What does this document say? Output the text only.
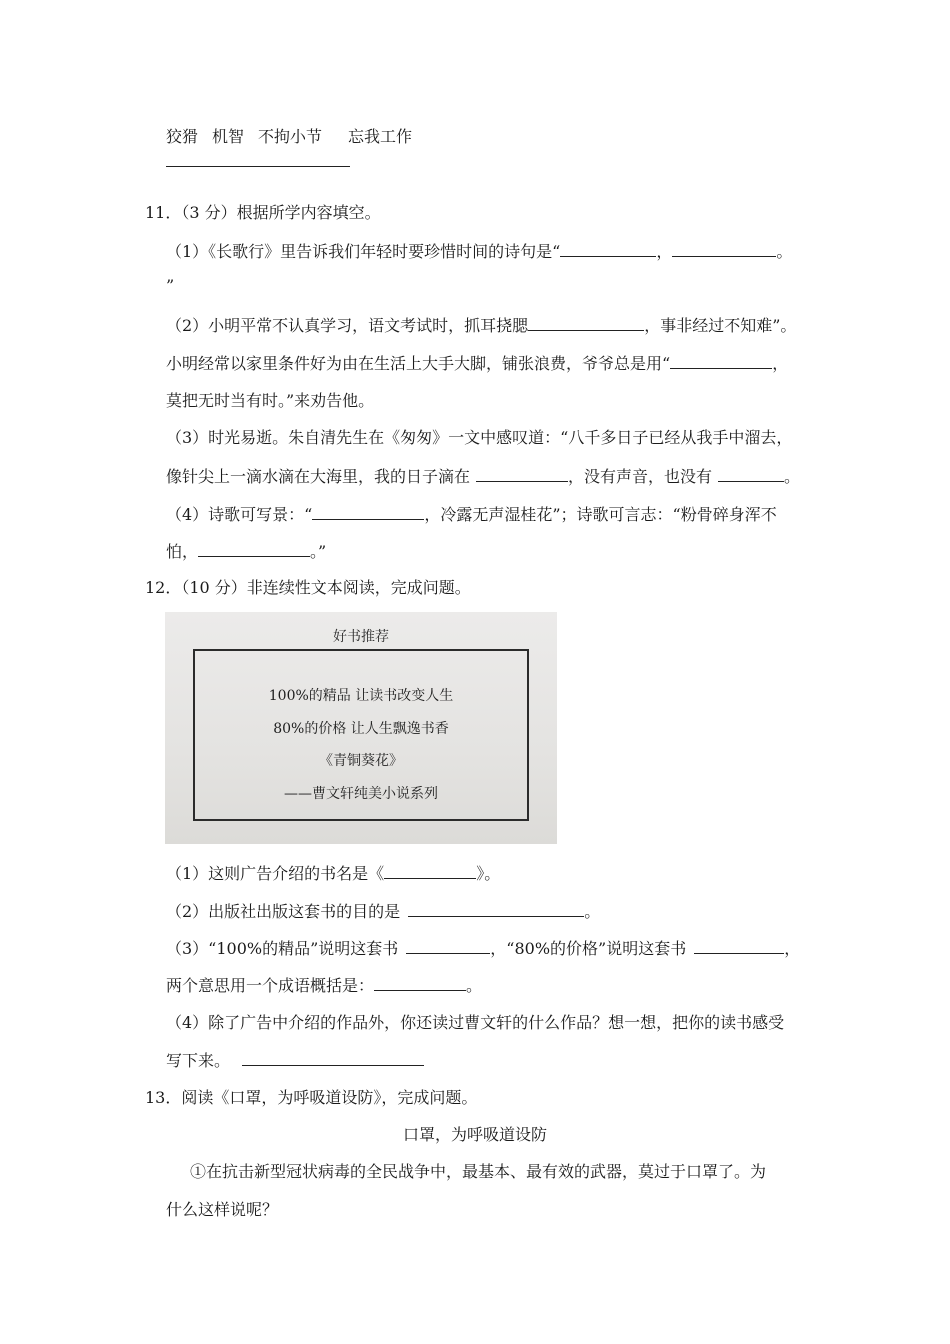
狡猾 机智 不拘小节 忘我工作
11．（3 分）根据所学内容填空。
（1）《长歌行》里告诉我们年轻时要珍惜时间的诗句是“	，	。
”
（2）小明平常不认真学习，语文考试时，抓耳挠腮	，事非经过不知难”。
小明经常以家里条件好为由在生活上大手大脚，铺张浪费，爷爷总是用“	，
莫把无时当有时。”来劝告他。
（3）时光易逝。朱自清先生在《匆匆》一文中感叹道：“八千多日子已经从我手中溜去，
像针尖上一滴水滴在大海里，我的日子滴在	，没有声音，也没有	。
（4）诗歌可写景：“	，冷露无声湿桂花”；诗歌可言志：“粉骨碎身浑不
怕，	。”
12．（10 分）非连续性文本阅读，完成问题。
好书推荐
100%的精品 让读书改变人生
80%的价格 让人生飘逸书香
《青铜葵花》
——曹文轩纯美小说系列
（1）这则广告介绍的书名是《	》。
（2）出版社出版这套书的目的是	。
（3）“100%的精品”说明这套书	，“80%的价格”说明这套书	，
两个意思用一个成语概括是：	。
（4）除了广告中介绍的作品外，你还读过曹文轩的什么作品？想一想，把你的读书感受
写下来。
13．阅读《口罩，为呼吸道设防》，完成问题。
口罩，为呼吸道设防
①在抗击新型冠状病毒的全民战争中，最基本、最有效的武器，莫过于口罩了。为
什么这样说呢？
